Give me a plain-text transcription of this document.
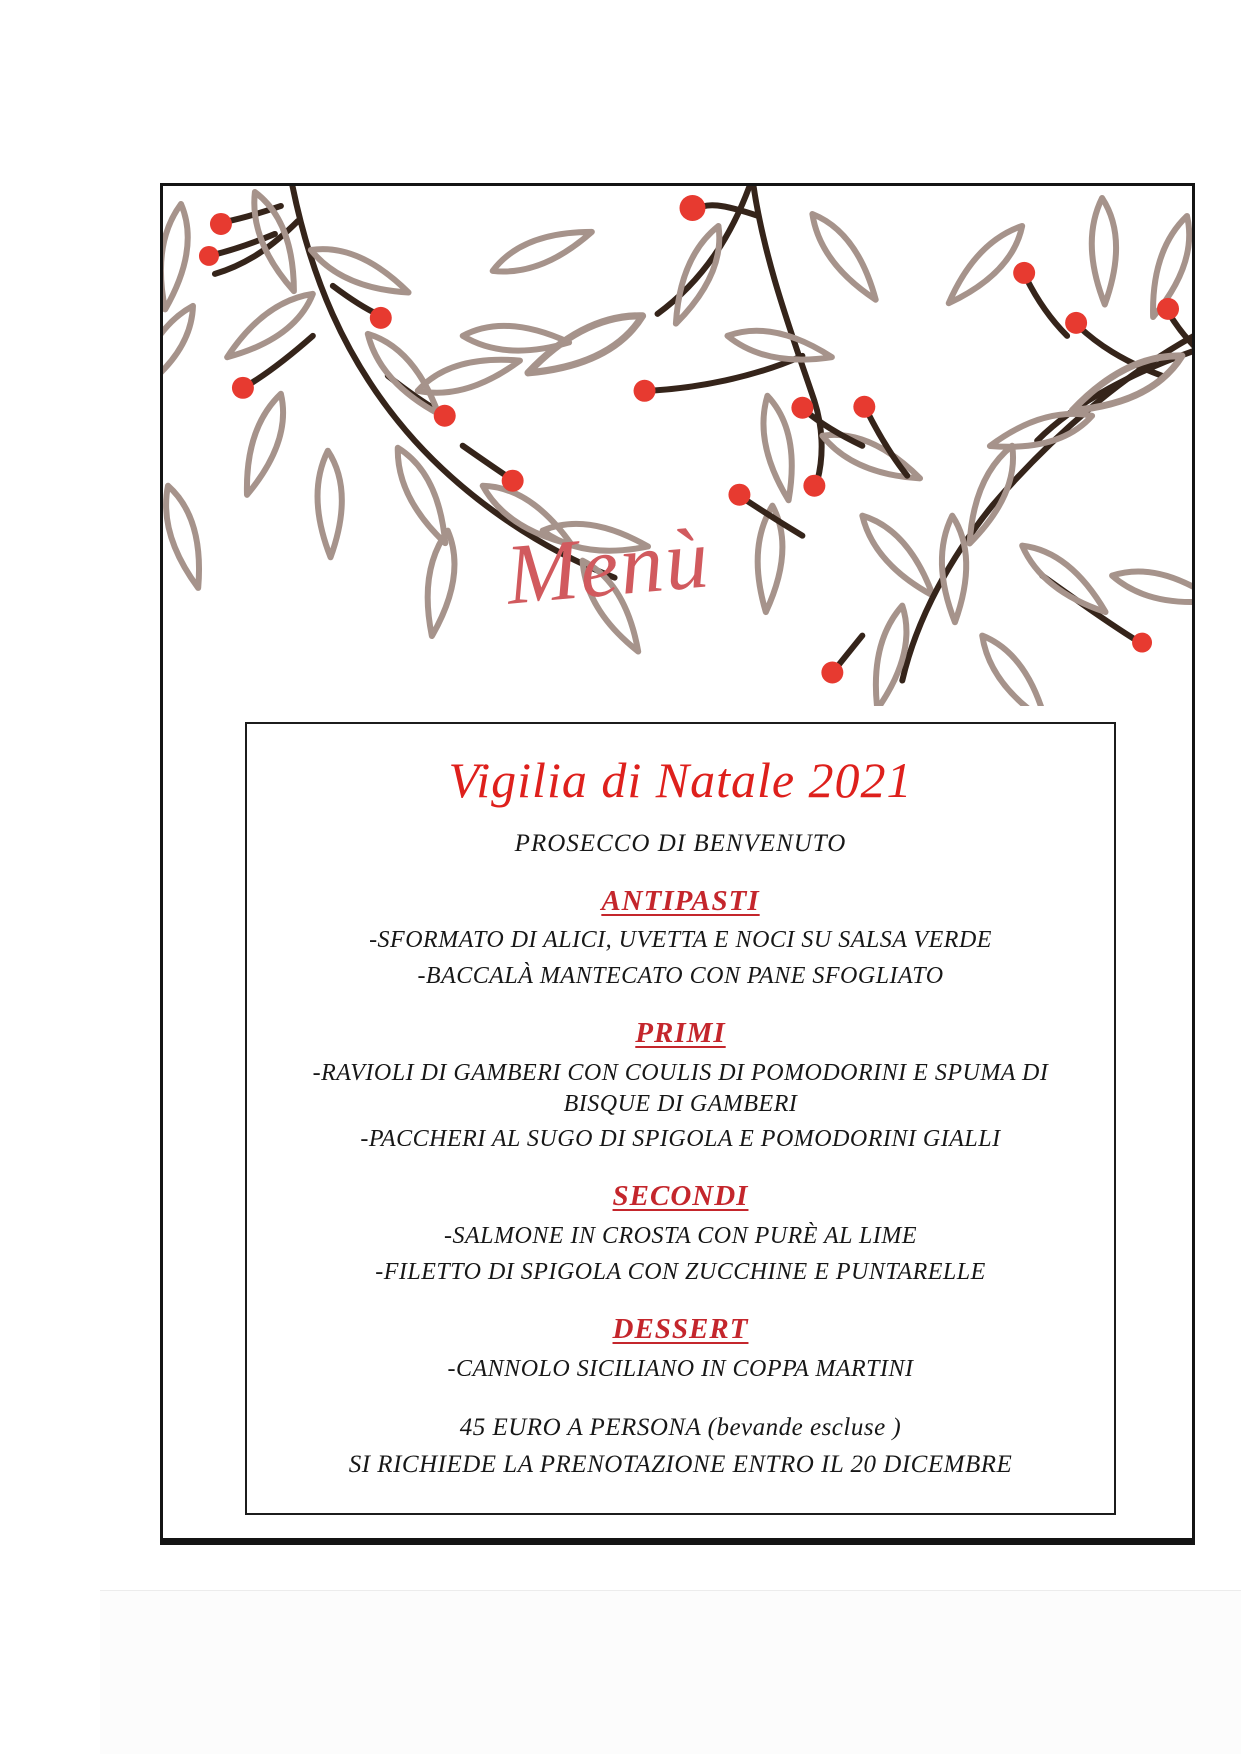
Menù
Vigilia di Natale 2021

PROSECCO DI BENVENUTO

ANTIPASTI

-SFORMATO DI ALICI, UVETTA E NOCI SU SALSA VERDE

-BACCALÀ MANTECATO CON PANE SFOGLIATO

PRIMI

-RAVIOLI DI GAMBERI CON COULIS DI POMODORINI E SPUMA DI BISQUE DI GAMBERI

-PACCHERI AL SUGO DI SPIGOLA E POMODORINI GIALLI

SECONDI

-SALMONE IN CROSTA CON PURÈ AL LIME

-FILETTO DI SPIGOLA CON ZUCCHINE E PUNTARELLE

DESSERT

-CANNOLO SICILIANO IN COPPA MARTINI

45 EURO A PERSONA (bevande escluse )

SI RICHIEDE LA PRENOTAZIONE ENTRO IL 20 DICEMBRE
